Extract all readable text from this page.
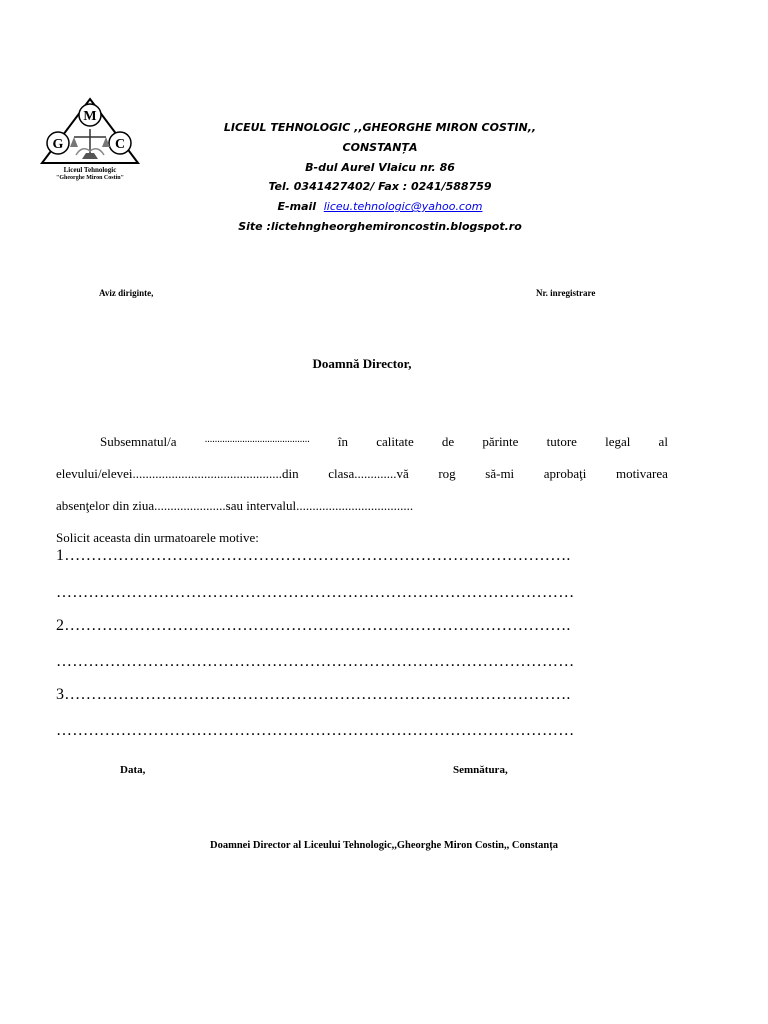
M
G	C
Liceul Tehnologic
"Gheorghe Miron Costin"
LICEUL TEHNOLOGIC ,,GHEORGHE MIRON COSTIN,,
CONSTANȚA
B-dul Aurel Vlaicu nr. 86
Tel. 0341427402/ Fax : 0241/588759
E-mail liceu.tehnologic@yahoo.com
Site :lictehngheorghemironcostin.blogspot.ro
Aviz diriginte,	Nr. inregistrare
Doamnă Director,
Subsemnatul/a	.......................................... în calitate de părinte tutore legal al
elevului/elevei..............................................din clasa.............vă rog să-mi aprobaţi motivarea
absenţelor din ziua......................sau intervalul....................................
Solicit aceasta din urmatoarele motive:
1………………………………………………………………………………….
……………………………………………………………………………………
2………………………………………………………………………………….
……………………………………………………………………………………
3………………………………………………………………………………….
……………………………………………………………………………………
Data,	Semnătura,
Doamnei Director al Liceului Tehnologic,,Gheorghe Miron Costin,, Constanța
